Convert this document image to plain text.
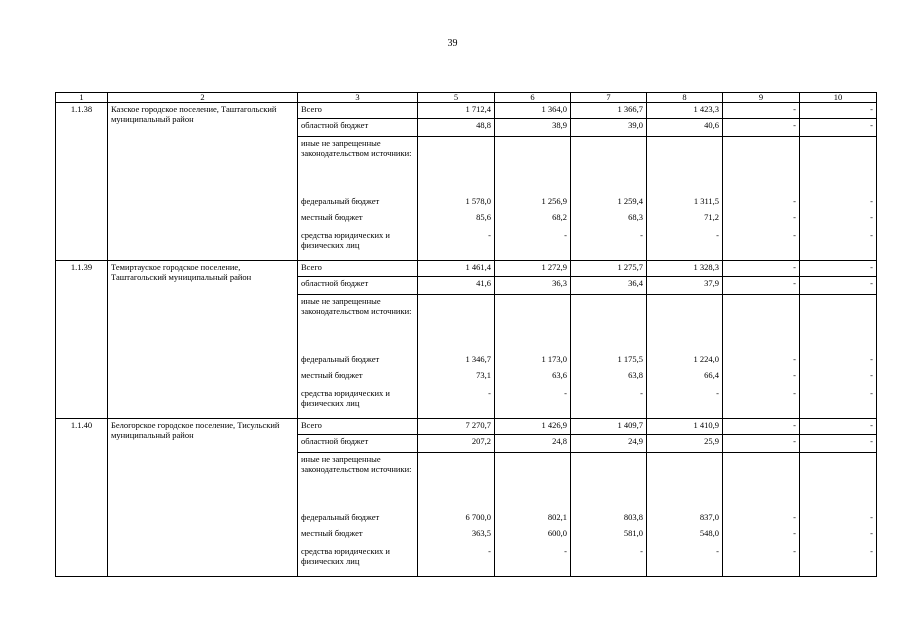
39
1	2	3	5	6	7	8	9	10
1.1.38	Казское городское поселение, Таштагольский муниципальный район	Всего	1 712,4	1 364,0	1 366,7	1 423,3	-	-
		областной бюджет	48,8	38,9	39,0	40,6	-	-
		иные не запрещенные законодательством источники:						
		федеральный бюджет	1 578,0	1 256,9	1 259,4	1 311,5	-	-
		местный бюджет	85,6	68,2	68,3	71,2	-	-
		средства юридических и физических лиц	-	-	-	-	-	-
1.1.39	Темиртауское городское поселение, Таштагольский муниципальный район	Всего	1 461,4	1 272,9	1 275,7	1 328,3	-	-
		областной бюджет	41,6	36,3	36,4	37,9	-	-
		иные не запрещенные законодательством источники:						
		федеральный бюджет	1 346,7	1 173,0	1 175,5	1 224,0	-	-
		местный бюджет	73,1	63,6	63,8	66,4	-	-
		средства юридических и физических лиц	-	-	-	-	-	-
1.1.40	Белогорское городское поселение, Тисульский муниципальный район	Всего	7 270,7	1 426,9	1 409,7	1 410,9	-	-
		областной бюджет	207,2	24,8	24,9	25,9	-	-
		иные не запрещенные законодательством источники:						
		федеральный бюджет	6 700,0	802,1	803,8	837,0	-	-
		местный бюджет	363,5	600,0	581,0	548,0	-	-
		средства юридических и физических лиц	-	-	-	-	-	-
